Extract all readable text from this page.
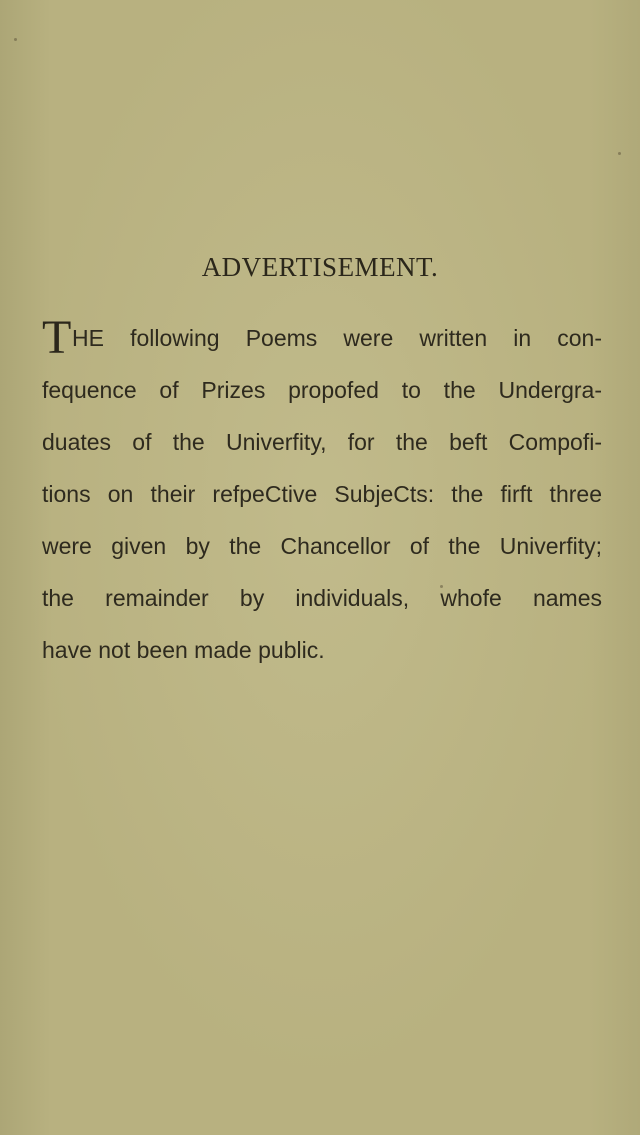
ADVERTISEMENT.
T HE following Poems were written in con-
fequence of Prizes propofed to the Undergra-
duates of the Univerfity, for the beft Compofi-
tions on their refpeCtive SubjeCts: the firft three
were given by the Chancellor of the Univerfity;
the remainder by individuals, whofe names
have not been made public.
